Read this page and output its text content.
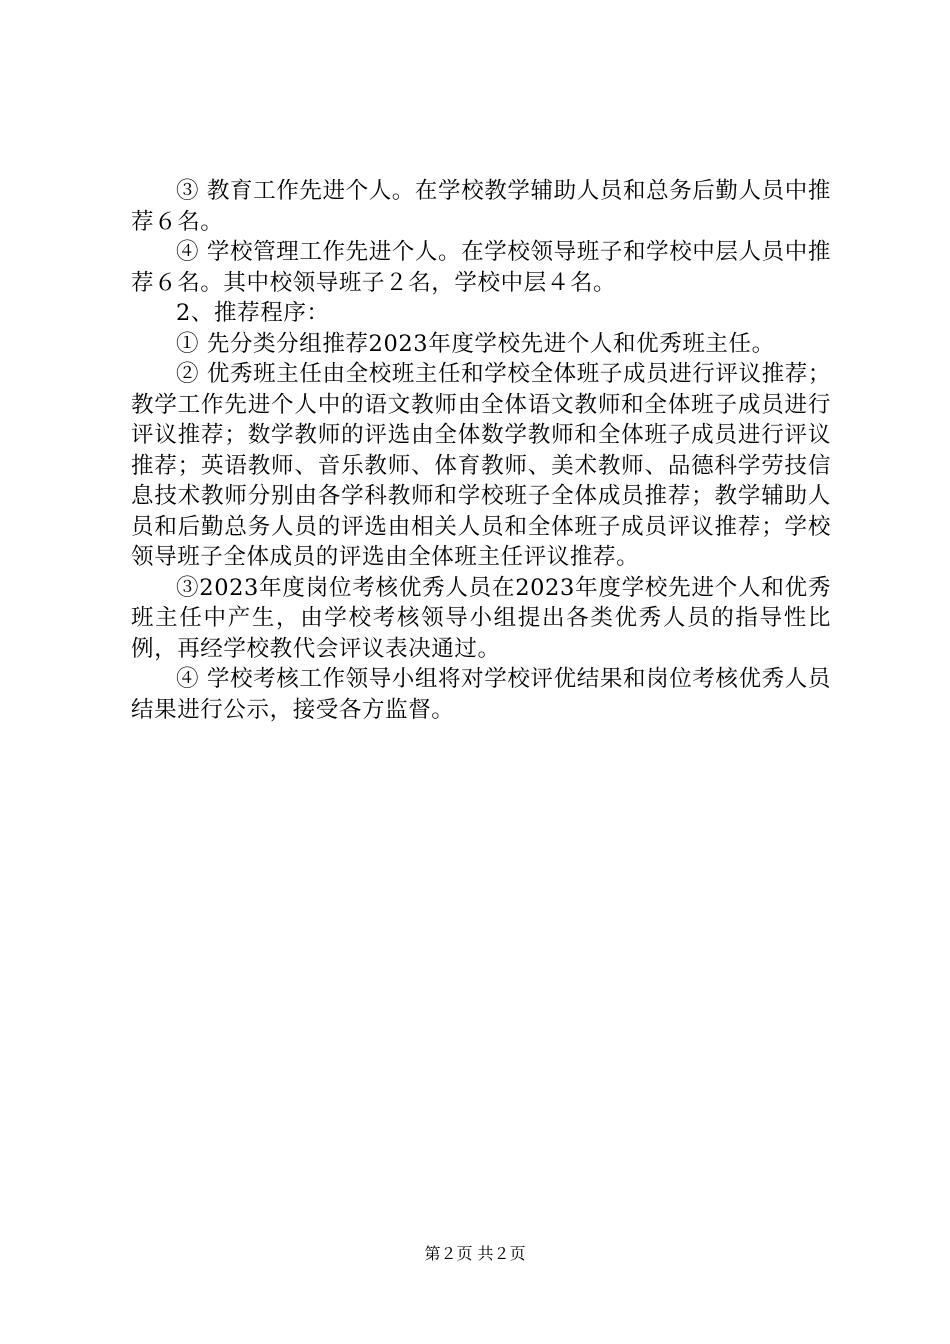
③ 教育工作先进个人。在学校教学辅助人员和总务后勤人员中推荐６名。

④ 学校管理工作先进个人。在学校领导班子和学校中层人员中推荐６名。其中校领导班子２名，学校中层４名。

2、推荐程序：

① 先分类分组推荐2023年度学校先进个人和优秀班主任。

② 优秀班主任由全校班主任和学校全体班子成员进行评议推荐；教学工作先进个人中的语文教师由全体语文教师和全体班子成员进行评议推荐；数学教师的评选由全体数学教师和全体班子成员进行评议推荐；英语教师、音乐教师、体育教师、美术教师、品德科学劳技信息技术教师分别由各学科教师和学校班子全体成员推荐；教学辅助人员和后勤总务人员的评选由相关人员和全体班子成员评议推荐；学校领导班子全体成员的评选由全体班主任评议推荐。

③2023年度岗位考核优秀人员在2023年度学校先进个人和优秀班主任中产生，由学校考核领导小组提出各类优秀人员的指导性比例，再经学校教代会评议表决通过。

④ 学校考核工作领导小组将对学校评优结果和岗位考核优秀人员结果进行公示，接受各方监督。

第２页 共２页
